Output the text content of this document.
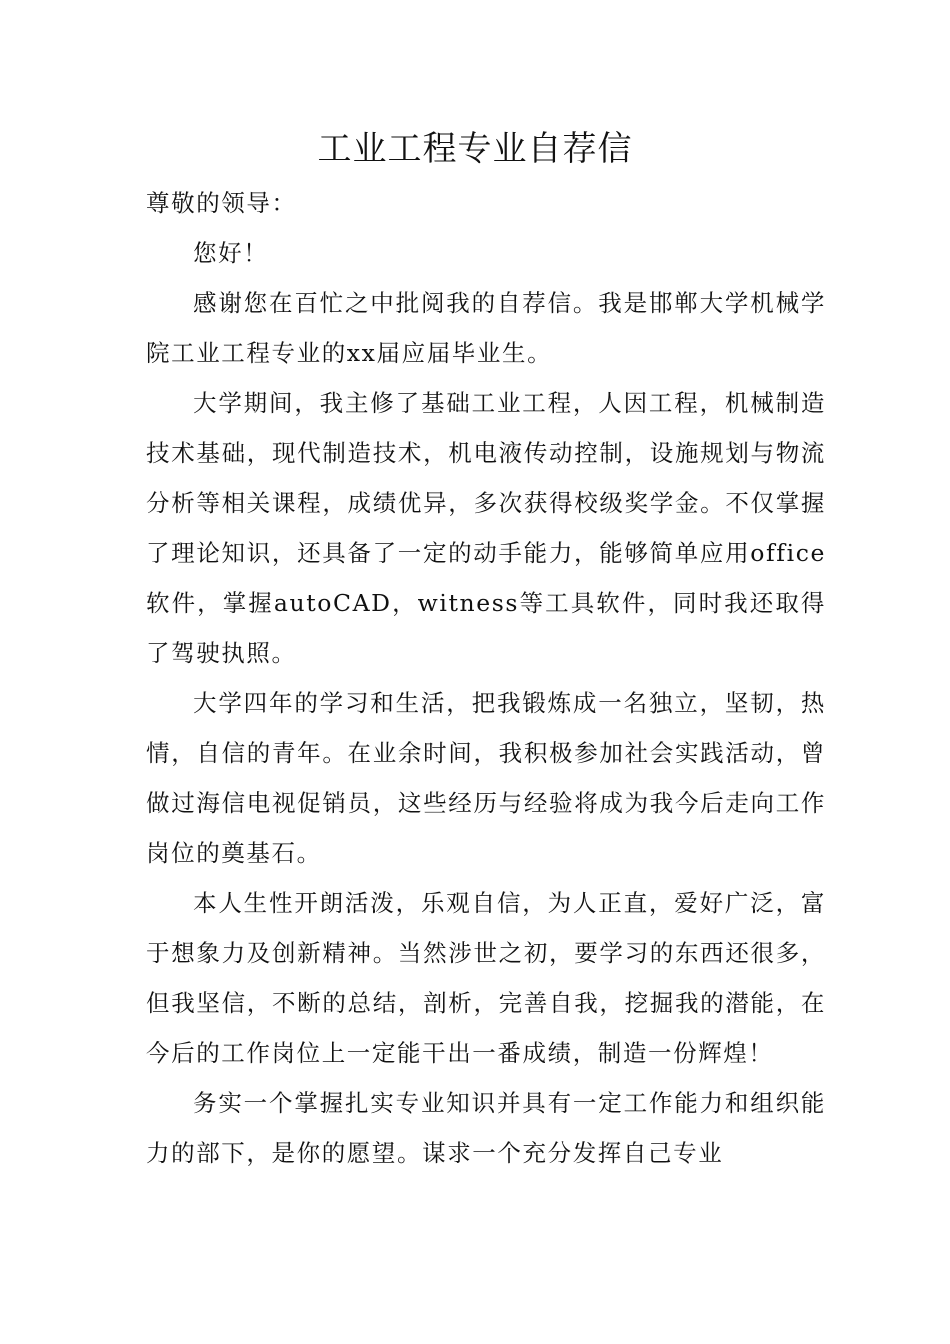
工业工程专业自荐信

尊敬的领导：

您好！

感谢您在百忙之中批阅我的自荐信。我是邯郸大学机械学院工业工程专业的xx届应届毕业生。

大学期间，我主修了基础工业工程，人因工程，机械制造技术基础，现代制造技术，机电液传动控制，设施规划与物流分析等相关课程，成绩优异，多次获得校级奖学金。不仅掌握了理论知识，还具备了一定的动手能力，能够简单应用office软件，掌握autoCAD，witness等工具软件，同时我还取得了驾驶执照。

大学四年的学习和生活，把我锻炼成一名独立，坚韧，热情，自信的青年。在业余时间，我积极参加社会实践活动，曾做过海信电视促销员，这些经历与经验将成为我今后走向工作岗位的奠基石。

本人生性开朗活泼，乐观自信，为人正直，爱好广泛，富于想象力及创新精神。当然涉世之初，要学习的东西还很多，但我坚信，不断的总结，剖析，完善自我，挖掘我的潜能，在今后的工作岗位上一定能干出一番成绩，制造一份辉煌！

务实一个掌握扎实专业知识并具有一定工作能力和组织能力的部下，是你的愿望。谋求一个充分发挥自己专业
